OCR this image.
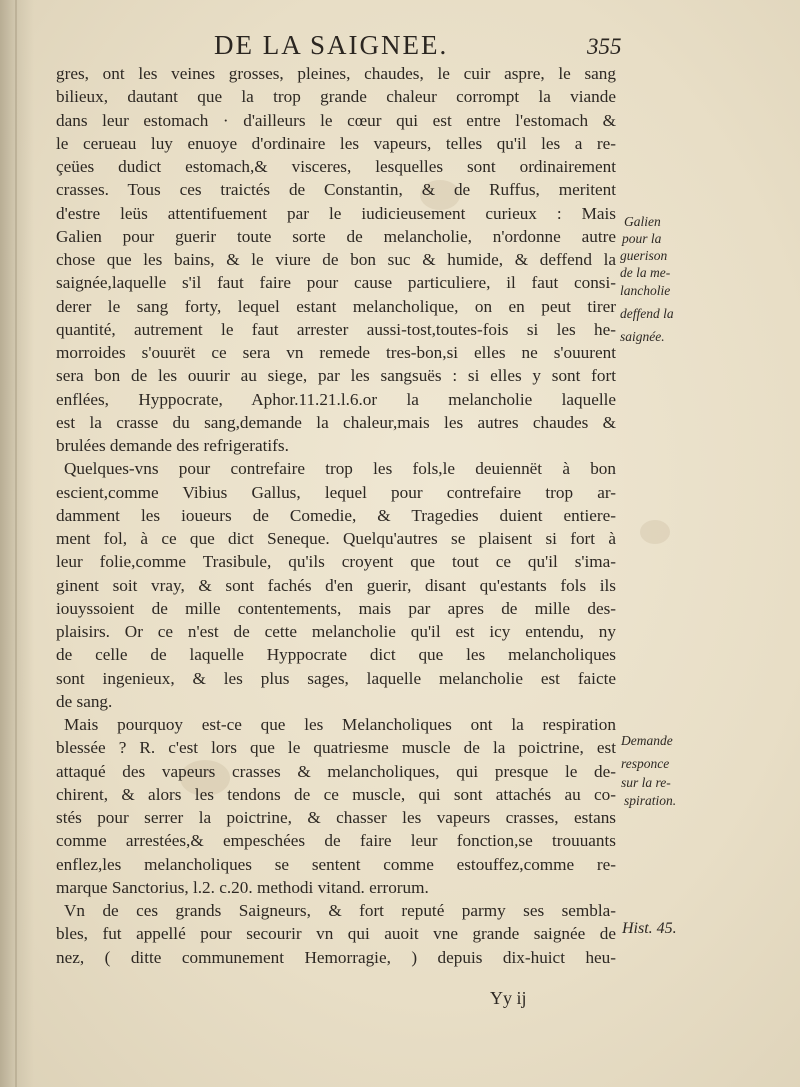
DE LA SAIGNEE.	355
gres, ont les veines grosses, pleines, chaudes, le cuir aspre, le sang
bilieux, dautant que la trop grande chaleur corrompt la viande
dans leur estomach · d'ailleurs le cœur qui est entre l'estomach &
le cerueau luy enuoye d'ordinaire les vapeurs, telles qu'il les a re-
çeües dudict estomach,& visceres, lesquelles sont ordinairement
crasses. Tous ces traictés de Constantin, & de Ruffus, meritent
d'estre leüs attentifuement par le iudicieusement curieux : Mais
Galien pour guerir toute sorte de melancholie, n'ordonne autre
chose que les bains, & le viure de bon suc & humide, & deffend la
saignée,laquelle s'il faut faire pour cause particuliere, il faut consi-
derer le sang forty, lequel estant melancholique, on en peut tirer
quantité, autrement le faut arrester aussi-tost,toutes-fois si les he-
morroides s'ouurët ce sera vn remede tres-bon,si elles ne s'ouurent
sera bon de les ouurir au siege, par les sangsuës : si elles y sont fort
enflées, Hyppocrate, Aphor.11.21.l.6.or la melancholie laquelle
est la crasse du sang,demande la chaleur,mais les autres chaudes &
brulées demande des refrigeratifs.
Quelques-vns pour contrefaire trop les fols,le deuiennët à bon
escient,comme Vibius Gallus, lequel pour contrefaire trop ar-
damment les ioueurs de Comedie, & Tragedies duient entiere-
ment fol, à ce que dict Seneque. Quelqu'autres se plaisent si fort à
leur folie,comme Trasibule, qu'ils croyent que tout ce qu'il s'ima-
ginent soit vray, & sont fachés d'en guerir, disant qu'estants fols ils
iouyssoient de mille contentements, mais par apres de mille des-
plaisirs. Or ce n'est de cette melancholie qu'il est icy entendu, ny
de celle de laquelle Hyppocrate dict que les melancholiques
sont ingenieux, & les plus sages, laquelle melancholie est faicte
de sang.
Mais pourquoy est-ce que les Melancholiques ont la respiration
blessée ? R. c'est lors que le quatriesme muscle de la poictrine, est
attaqué des vapeurs crasses & melancholiques, qui presque le de-
chirent, & alors les tendons de ce muscle, qui sont attachés au co-
stés pour serrer la poictrine, & chasser les vapeurs crasses, estans
comme arrestées,& empeschées de faire leur fonction,se trouuants
enflez,les melancholiques se sentent comme estouffez,comme re-
marque Sanctorius, l.2. c.20. methodi vitand. errorum.
Vn de ces grands Saigneurs, & fort reputé parmy ses sembla-
bles, fut appellé pour secourir vn qui auoit vne grande saignée de
nez, ( ditte communement Hemorragie, ) depuis dix-huict heu-
Galien
pour la
guerison
de la me-
lancholie
deffend la
saignée.
Demande
responce
sur la re-
spiration.
Hist. 45.
Yy ij
